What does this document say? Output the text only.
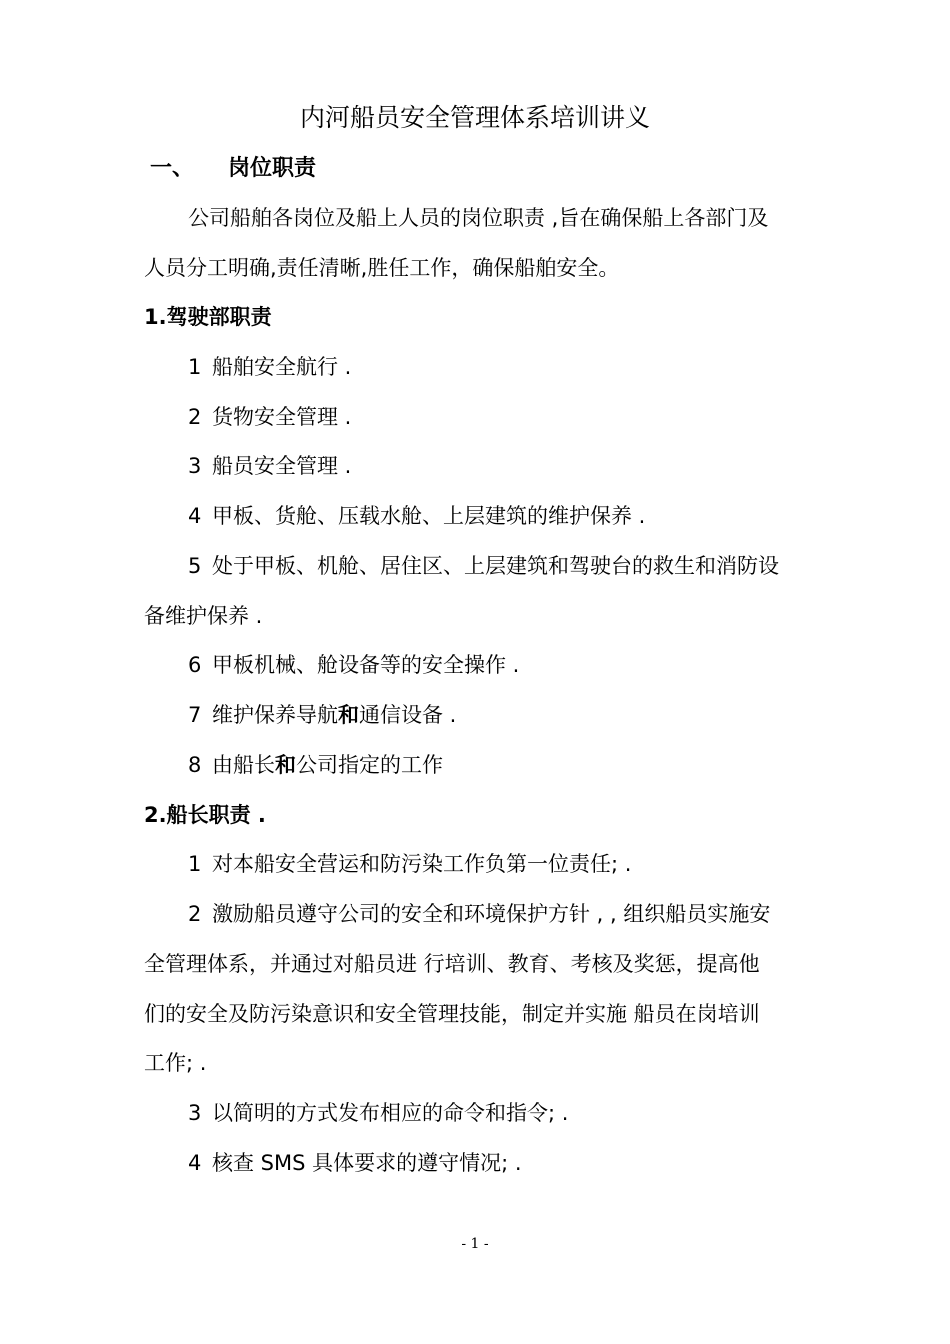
内河船员安全管理体系培训讲义
一、 岗位职责
公司船舶各岗位及船上人员的岗位职责 ,旨在确保船上各部门及
人员分工明确,责任清晰,胜任工作，确保船舶安全。
1.驾驶部职责
1 船舶安全航行 .
2 货物安全管理 .
3 船员安全管理 .
4 甲板、货舱、压载水舱、上层建筑的维护保养 .
5 处于甲板、机舱、居住区、上层建筑和驾驶台的救生和消防设
备维护保养 .
6 甲板机械、舱设备等的安全操作 .
7 维护保养导航和通信设备 .
8 由船长和公司指定的工作
2.船长职责 .
1 对本船安全营运和防污染工作负第一位责任; .
2 激励船员遵守公司的安全和环境保护方针 , , 组织船员实施安
全管理体系，并通过对船员进 行培训、教育、考核及奖惩，提高他
们的安全及防污染意识和安全管理技能，制定并实施 船员在岗培训
工作; .
3 以简明的方式发布相应的命令和指令; .
4 核查 SMS 具体要求的遵守情况; .
- 1 -
